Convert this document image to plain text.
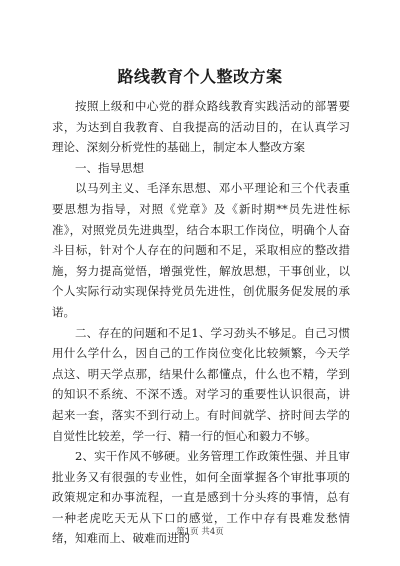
路线教育个人整改方案

按照上级和中心党的群众路线教育实践活动的部署要求，为达到自我教育、自我提高的活动目的，在认真学习理论、深刻分析党性的基础上，制定本人整改方案

一、指导思想

以马列主义、毛泽东思想、邓小平理论和三个代表重要思想为指导，对照《党章》及《新时期**员先进性标准》，对照党员先进典型，结合本职工作岗位，明确个人奋斗目标，针对个人存在的问题和不足，采取相应的整改措施，努力提高觉悟，增强党性，解放思想，干事创业，以个人实际行动实现保持党员先进性，创优服务促发展的承诺。

二、存在的问题和不足1、学习劲头不够足。自己习惯用什么学什么，因自己的工作岗位变化比较频繁，今天学点这、明天学点那，结果什么都懂点，什么也不精，学到的知识不系统、不深不透。对学习的重要性认识很高，讲起来一套，落实不到行动上。有时间就学、挤时间去学的自觉性比较差，学一行、精一行的恒心和毅力不够。

2、实干作风不够硬。业务管理工作政策性强、并且审批业务又有很强的专业性，如何全面掌握各个审批事项的政策规定和办事流程，一直是感到十分头疼的事情，总有一种老虎吃天无从下口的感觉，工作中存有畏难发愁情绪，知难而上、破难而进的

第1页 共4页
